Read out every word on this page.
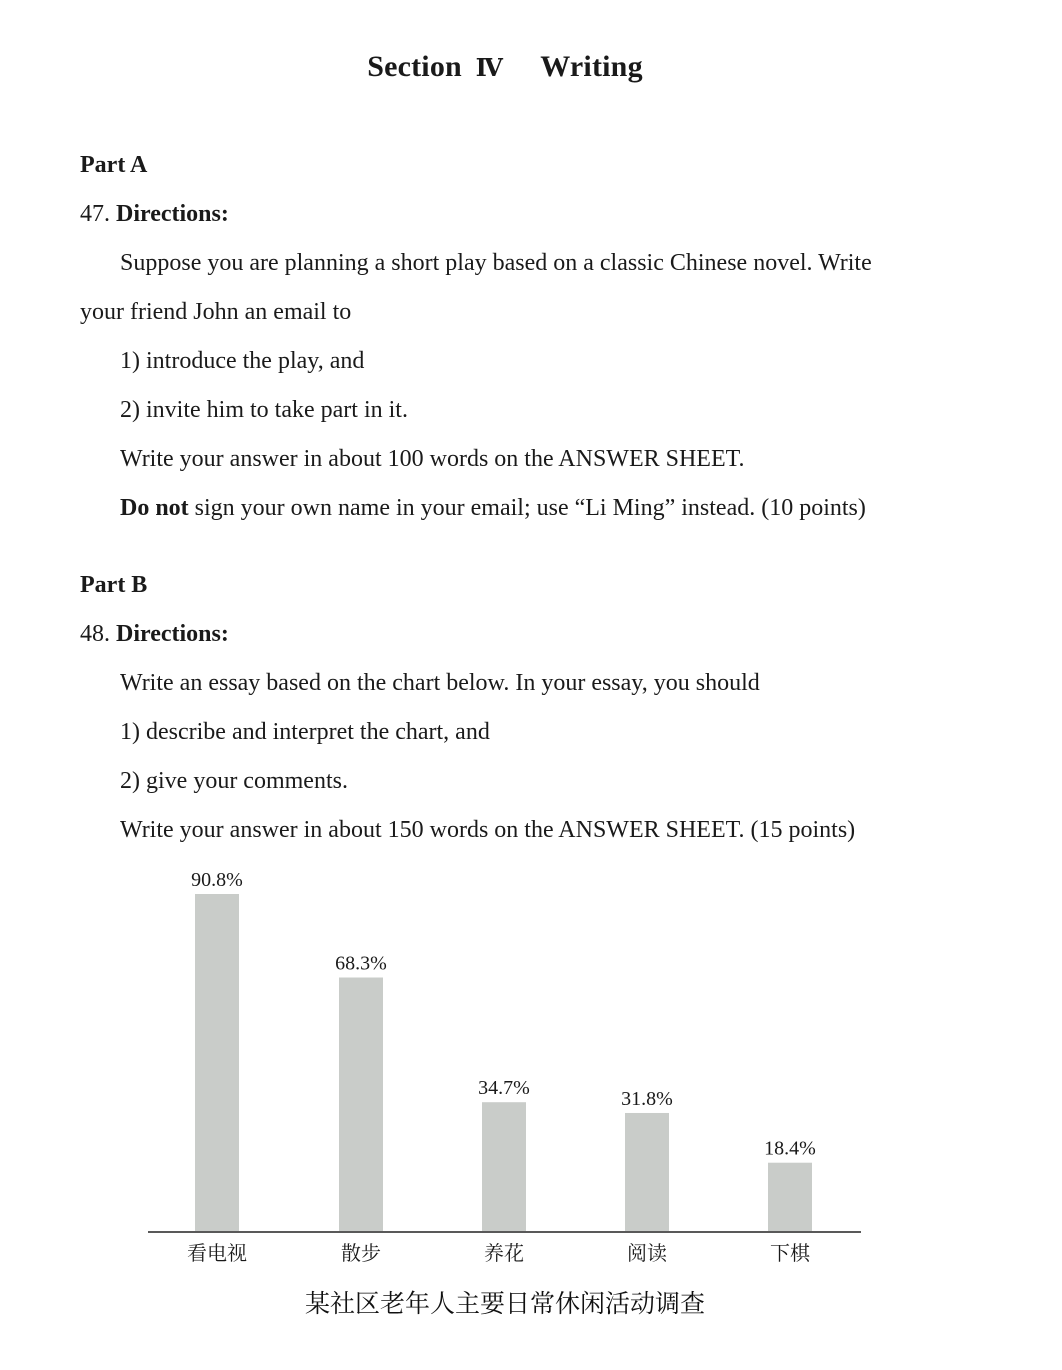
Section Ⅳ Writing
Part A
47. Directions:
Suppose you are planning a short play based on a classic Chinese novel. Write
your friend John an email to
1) introduce the play, and
2) invite him to take part in it.
Write your answer in about 100 words on the ANSWER SHEET.
Do not sign your own name in your email; use “Li Ming” instead. (10 points)
Part B
48. Directions:
Write an essay based on the chart below. In your essay, you should
1) describe and interpret the chart, and
2) give your comments.
Write your answer in about 150 words on the ANSWER SHEET. (15 points)
90.8%
看电视
68.3%
散步
34.7%
养花
31.8%
阅读
18.4%
下棋
某社区老年人主要日常休闲活动调查
